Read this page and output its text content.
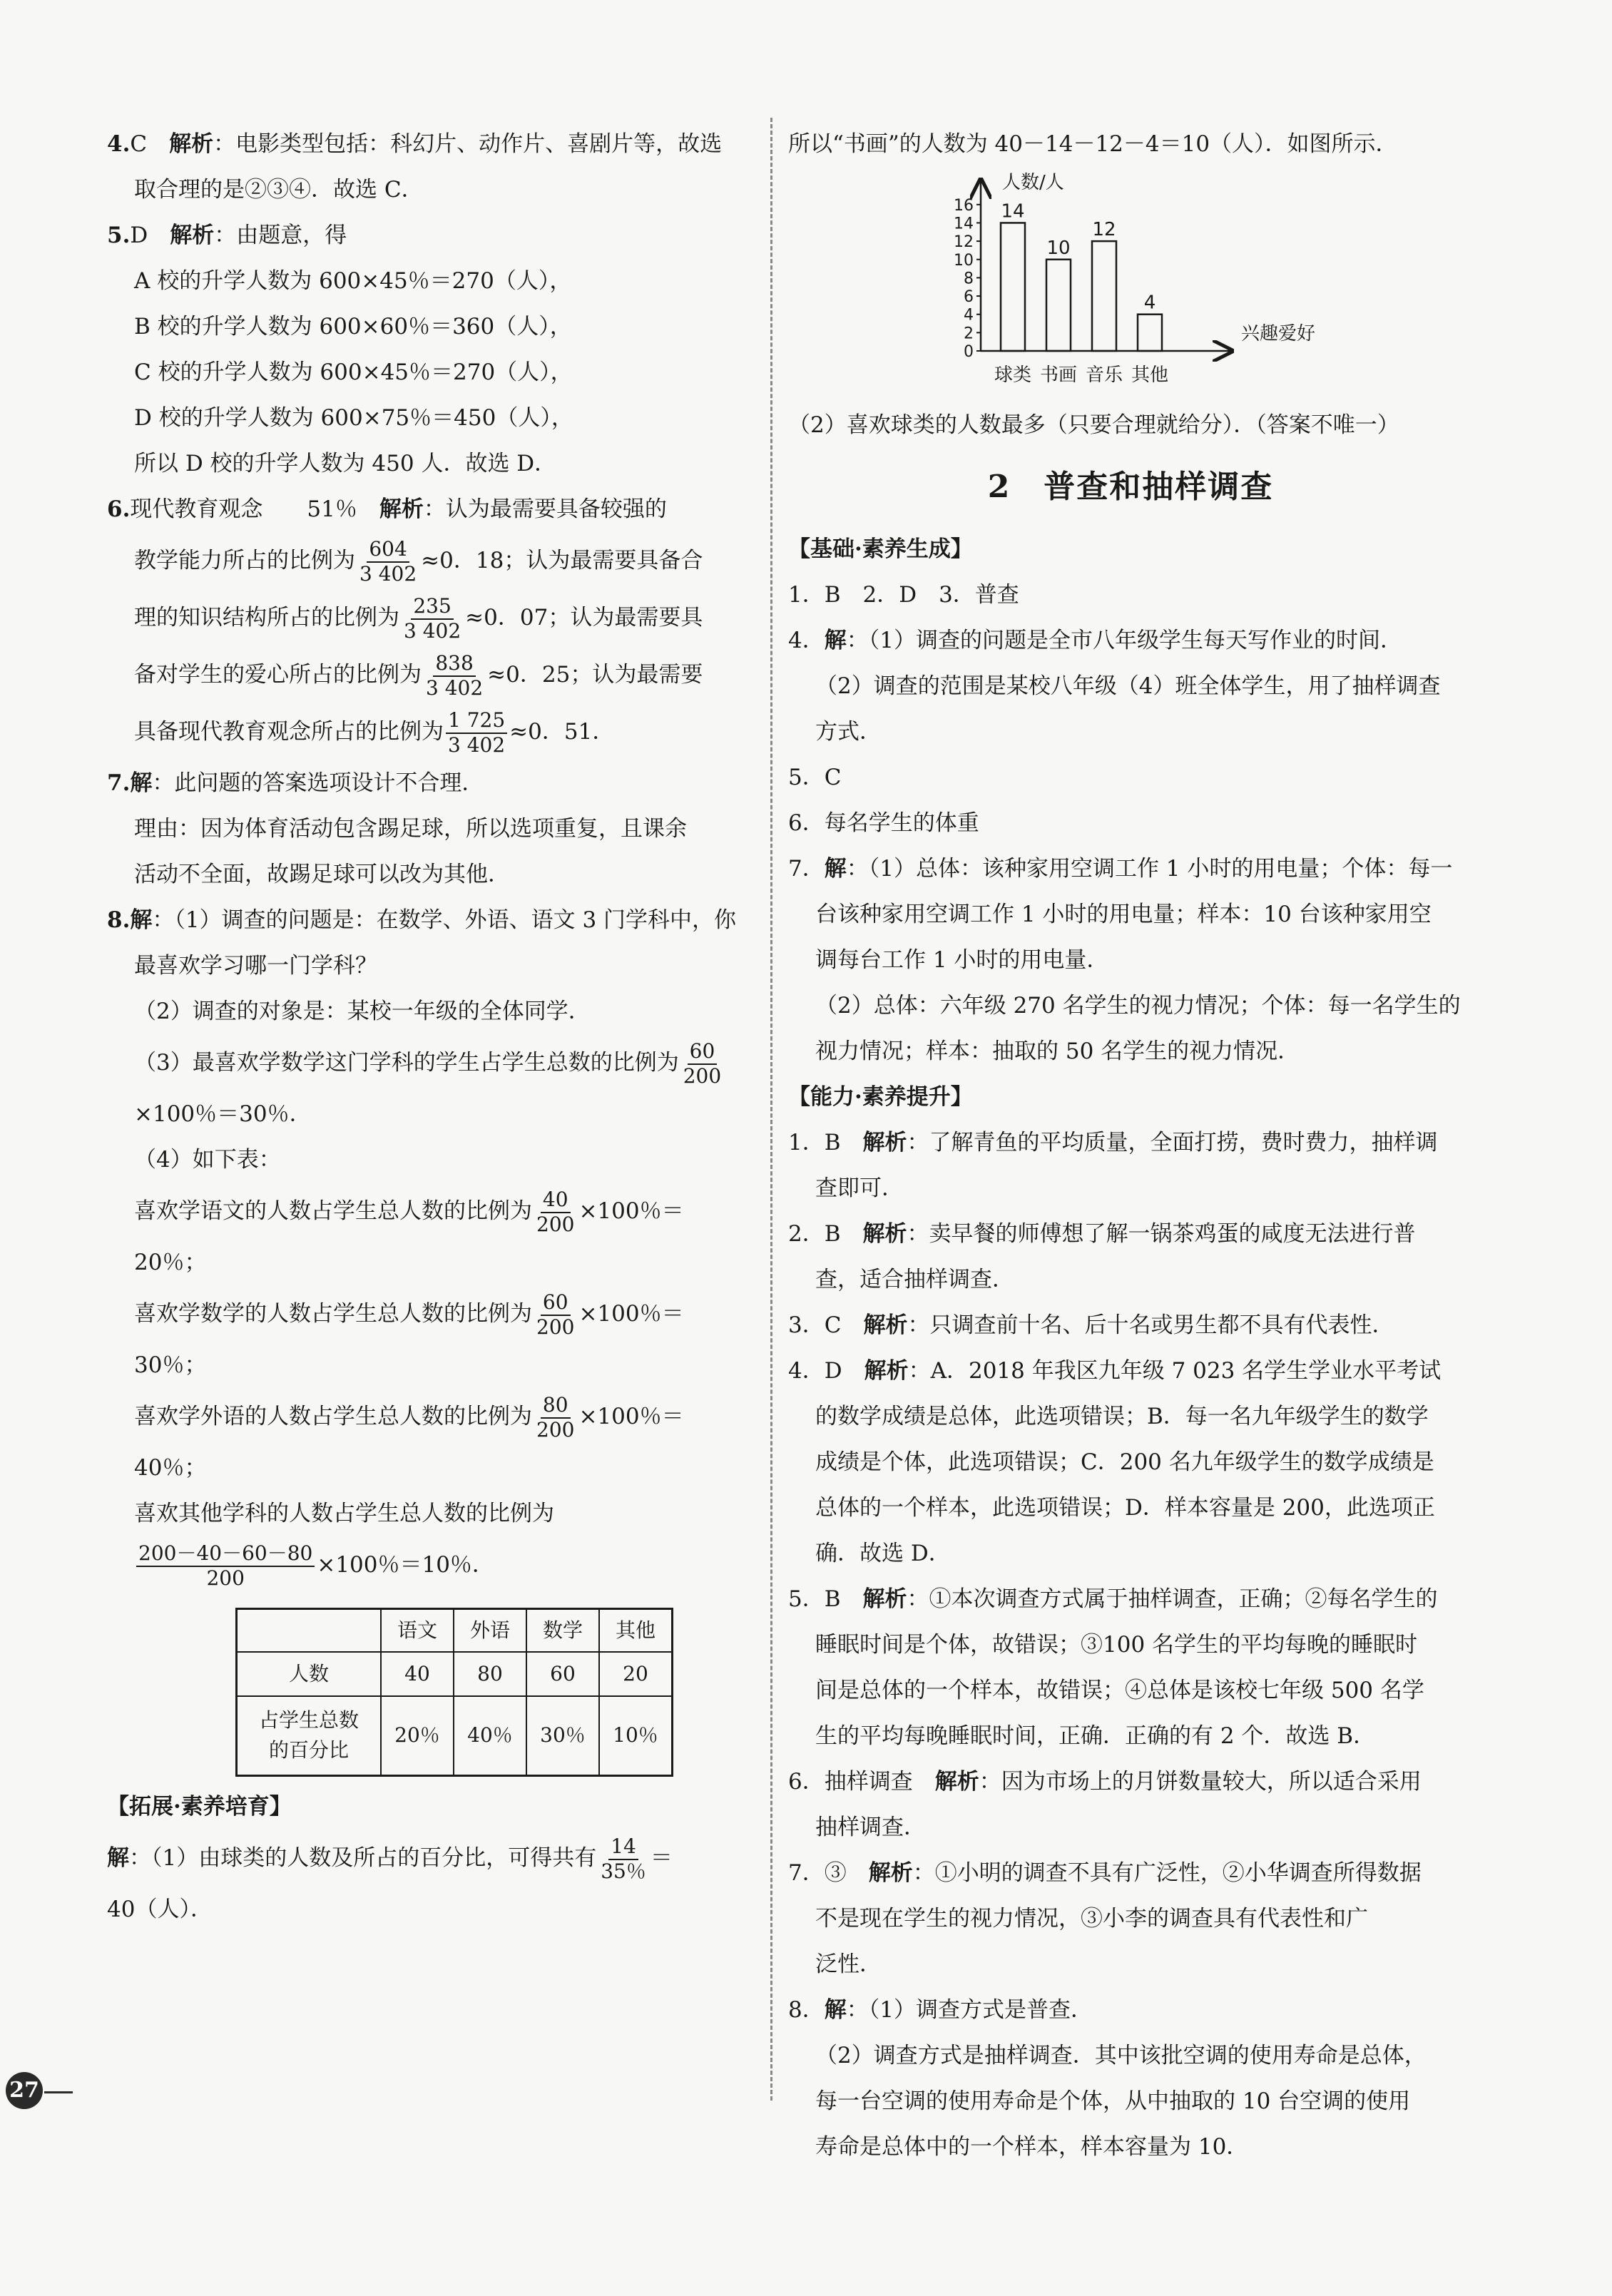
4.C　 解析：电影类型包括：科幻片、动作片、喜剧片等，故选

取合理的是②③④．故选 C．

5.D　 解析：由题意，得

A 校的升学人数为 600×45％＝270（人），

B 校的升学人数为 600×60％＝360（人），

C 校的升学人数为 600×45％＝270（人），

D 校的升学人数为 600×75％＝450（人），

所以 D 校的升学人数为 450 人．故选 D．

6.现代教育观念　　 51％　 解析：认为最需要具备较强的

教学能力所占的比例为 $\frac{604}{3 402} \approx 0$．18；认为最需要具备合

理的知识结构所占的比例为 $\frac{235}{3 402} \approx 0$．07；认为最需要具

备对学生的爱心所占的比例为 $\frac{838}{3 402} \approx 0$．25；认为最需要

具备现代教育观念所占的比例为 $\frac{1 725}{3 402} \approx 0$．51．

7.解：此问题的答案选项设计不合理．

理由：因为体育活动包含踢足球，所以选项重复，且课余

活动不全面，故踢足球可以改为其他．

8.解：（1）调查的问题是：在数学、外语、语文 3 门学科中，你

最喜欢学习哪一门学科？

（2）调查的对象是：某校一年级的全体同学．

（3）最喜欢学数学这门学科的学生占学生总数的比例为 $\frac{60}{200}$

×100％＝30％．

（4）如下表：

喜欢学语文的人数占学生总人数的比例为 $\frac{40}{200} \times 100$％＝

20％；

喜欢学数学的人数占学生总人数的比例为 $\frac{60}{200} \times 100$％＝

30％；

喜欢学外语的人数占学生总人数的比例为 $\frac{80}{200} \times 100$％＝

40％；

喜欢其他学科的人数占学生总人数的比例为

$\frac{200-40-60-80}{200} \times 100$％＝10％．

	语文	外语	数学	其他
人数	40	80	60	20

占学生总数
的百分比	20％	40％	30％	10％

【拓展·素养培育】

解：（1）由球类的人数及所占的百分比，可得共有 $\frac{14}{35\%}$ ＝

40（人）．

所以“书画”的人数为 40－14－12－4＝10（人）．如图所示．

0
2
4
6
8
10
12
14
16 14
球类
10
书画
12
音乐
4
其他
人数/人
兴趣爱好

（2）喜欢球类的人数最多（只要合理就给分）．（答案不唯一）

2　普查和抽样调查

【基础·素养生成】

1．B　2．D　3．普查

4．解：（1）调查的问题是全市八年级学生每天写作业的时间．

（2）调查的范围是某校八年级（4）班全体学生，用了抽样调查

方式．

5．C

6．每名学生的体重

7．解：（1）总体：该种家用空调工作 1 小时的用电量；个体：每一

台该种家用空调工作 1 小时的用电量；样本：10 台该种家用空

调每台工作 1 小时的用电量．

（2）总体：六年级 270 名学生的视力情况；个体：每一名学生的

视力情况；样本：抽取的 50 名学生的视力情况．

【能力·素养提升】

1．B　 解析：了解青鱼的平均质量，全面打捞，费时费力，抽样调

查即可．

2．B　 解析：卖早餐的师傅想了解一锅茶鸡蛋的咸度无法进行普

查，适合抽样调查．

3．C　 解析：只调查前十名、后十名或男生都不具有代表性．

4．D　 解析：A．2018 年我区九年级 7 023 名学生学业水平考试

的数学成绩是总体，此选项错误；B．每一名九年级学生的数学

成绩是个体，此选项错误；C．200 名九年级学生的数学成绩是

总体的一个样本，此选项错误；D．样本容量是 200，此选项正

确．故选 D．

5．B　 解析：①本次调查方式属于抽样调查，正确；②每名学生的

睡眠时间是个体，故错误；③100 名学生的平均每晚的睡眠时

间是总体的一个样本，故错误；④总体是该校七年级 500 名学

生的平均每晚睡眠时间，正确．正确的有 2 个．故选 B．

6．抽样调查　 解析：因为市场上的月饼数量较大，所以适合采用

抽样调查．

7．③　 解析：①小明的调查不具有广泛性，②小华调查所得数据

不是现在学生的视力情况，③小李的调查具有代表性和广

泛性．

8．解：（1）调查方式是普查．

（2）调查方式是抽样调查．其中该批空调的使用寿命是总体，

每一台空调的使用寿命是个体，从中抽取的 10 台空调的使用

寿命是总体中的一个样本，样本容量为 10．

27
